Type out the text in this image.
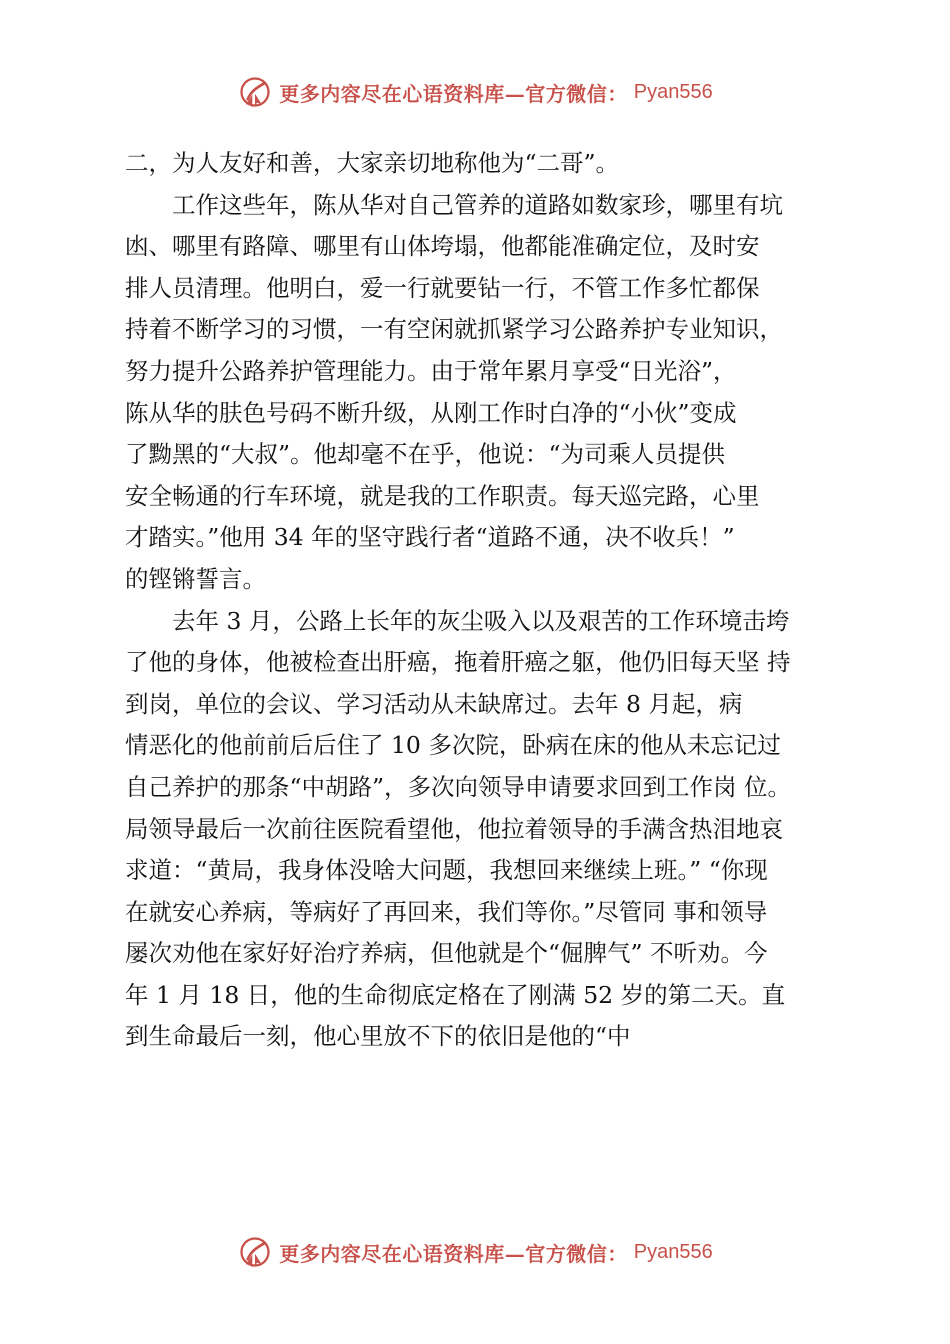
更多内容尽在心语资料库—官方微信： Pyan556
二，为人友好和善，大家亲切地称他为“二哥”。
工作这些年，陈从华对自己管养的道路如数家珍，哪里有坑
凼、哪里有路障、哪里有山体垮塌，他都能准确定位，及时安
排人员清理。他明白，爱一行就要钻一行，不管工作多忙都保
持着不断学习的习惯，一有空闲就抓紧学习公路养护专业知识，
努力提升公路养护管理能力。由于常年累月享受“日光浴”，
陈从华的肤色号码不断升级，从刚工作时白净的“小伙”变成
了黝黑的“大叔”。他却毫不在乎，他说：“为司乘人员提供
安全畅通的行车环境，就是我的工作职责。每天巡完路，心里
才踏实。”他用 34 年的坚守践行者“道路不通，决不收兵！”
的铿锵誓言。
去年 3 月，公路上长年的灰尘吸入以及艰苦的工作环境击垮
了他的身体，他被检查出肝癌，拖着肝癌之躯，他仍旧每天坚 持
到岗，单位的会议、学习活动从未缺席过。去年 8 月起，病
情恶化的他前前后后住了 10 多次院，卧病在床的他从未忘记过
自己养护的那条“中胡路”，多次向领导申请要求回到工作岗 位。
局领导最后一次前往医院看望他，他拉着领导的手满含热泪地哀
求道：“黄局，我身体没啥大问题，我想回来继续上班。” “你现
在就安心养病，等病好了再回来，我们等你。”尽管同 事和领导
屡次劝他在家好好治疗养病，但他就是个“倔脾气” 不听劝。今
年 1 月 18 日，他的生命彻底定格在了刚满 52 岁的第二天。直
到生命最后一刻，他心里放不下的依旧是他的“中
更多内容尽在心语资料库—官方微信： Pyan556
